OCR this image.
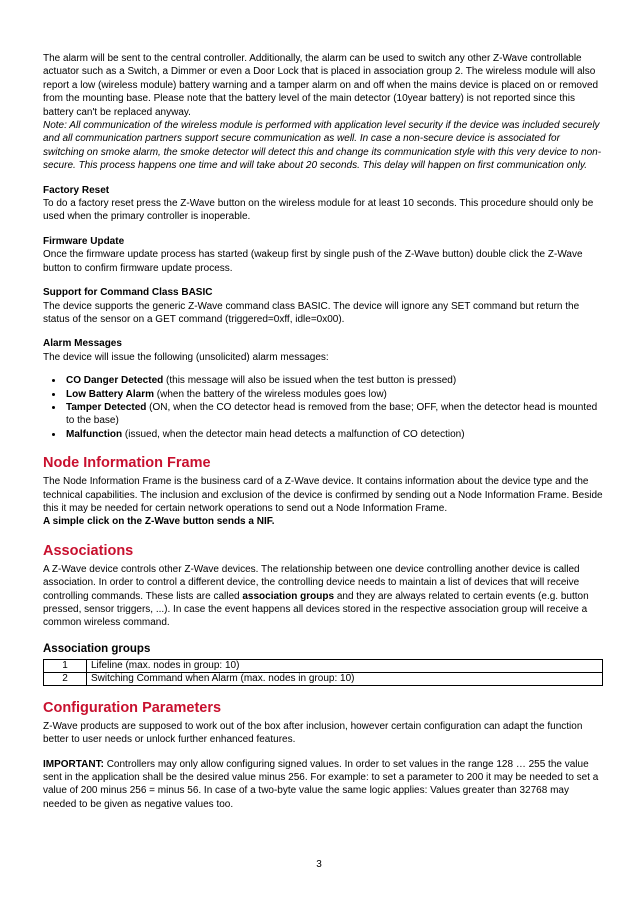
The alarm will be sent to the central controller. Additionally, the alarm can be used to switch any other Z-Wave controllable actuator such as a Switch, a Dimmer or even a Door Lock that is placed in association group 2. The wireless module will also report a low (wireless module) battery warning and a tamper alarm on and off when the mains device is placed on or removed from the mounting base. Please note that the battery level of the main detector (10year battery) is not reported since this battery can't be replaced anyway.

Note: All communication of the wireless module is performed with application level security if the device was included securely and all communication partners support secure communication as well. In case a non-secure device is associated for switching on smoke alarm, the smoke detector will detect this and change its communication style with this very device to non-secure. This process happens one time and will take about 20 seconds. This delay will happen on first communication only.

Factory Reset

To do a factory reset press the Z-Wave button on the wireless module for at least 10 seconds. This procedure should only be used when the primary controller is inoperable.

Firmware Update

Once the firmware update process has started (wakeup first by single push of the Z-Wave button) double click the Z-Wave button to confirm firmware update process.

Support for Command Class BASIC

The device supports the generic Z-Wave command class BASIC. The device will ignore any SET command but return the status of the sensor on a GET command (triggered=0xff, idle=0x00).

Alarm Messages

The device will issue the following (unsolicited) alarm messages:

• CO Danger Detected (this message will also be issued when the test button is pressed)
• Low Battery Alarm (when the battery of the wireless modules goes low)
• Tamper Detected (ON, when the CO detector head is removed from the base; OFF, when the detector head is mounted to the base)
• Malfunction (issued, when the detector main head detects a malfunction of CO detection)
Node Information Frame

The Node Information Frame is the business card of a Z-Wave device. It contains information about the device type and the technical capabilities. The inclusion and exclusion of the device is confirmed by sending out a Node Information Frame. Beside this it may be needed for certain network operations to send out a Node Information Frame.
A simple click on the Z-Wave button sends a NIF.

Associations

A Z-Wave device controls other Z-Wave devices. The relationship between one device controlling another device is called association. In order to control a different device, the controlling device needs to maintain a list of devices that will receive controlling commands. These lists are called association groups and they are always related to certain events (e.g. button pressed, sensor triggers, ...). In case the event happens all devices stored in the respective association group will receive a common wireless command.

Association groups
1	Lifeline (max. nodes in group: 10)
2	Switching Command when Alarm (max. nodes in group: 10)
Configuration Parameters

Z-Wave products are supposed to work out of the box after inclusion, however certain configuration can adapt the function better to user needs or unlock further enhanced features.

IMPORTANT: Controllers may only allow configuring signed values. In order to set values in the range 128 … 255 the value sent in the application shall be the desired value minus 256. For example: to set a parameter to 200 it may be needed to set a value of 200 minus 256 = minus 56. In case of a two-byte value the same logic applies: Values greater than 32768 may needed to be given as negative values too.

3
